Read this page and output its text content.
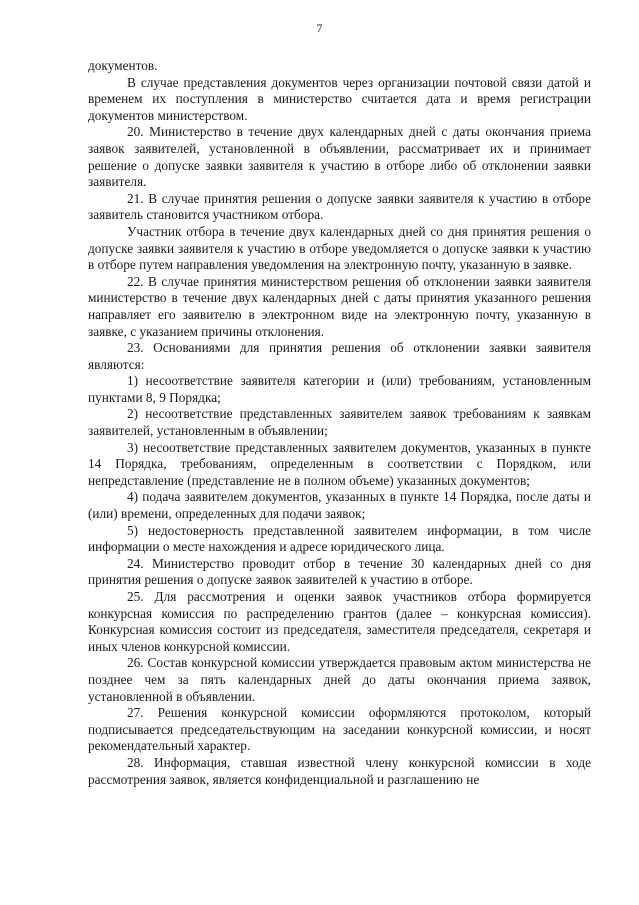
7

документов.

В случае представления документов через организации почтовой связи датой и временем их поступления в министерство считается дата и время регистрации документов министерством.

20. Министерство в течение двух календарных дней с даты окончания приема заявок заявителей, установленной в объявлении, рассматривает их и принимает решение о допуске заявки заявителя к участию в отборе либо об отклонении заявки заявителя.

21. В случае принятия решения о допуске заявки заявителя к участию в отборе заявитель становится участником отбора.

Участник отбора в течение двух календарных дней со дня принятия решения о допуске заявки заявителя к участию в отборе уведомляется о допуске заявки к участию в отборе путем направления уведомления на электронную почту, указанную в заявке.

22. В случае принятия министерством решения об отклонении заявки заявителя министерство в течение двух календарных дней с даты принятия указанного решения направляет его заявителю в электронном виде на электронную почту, указанную в заявке, с указанием причины отклонения.

23. Основаниями для принятия решения об отклонении заявки заявителя являются:

1) несоответствие заявителя категории и (или) требованиям, установленным пунктами 8, 9 Порядка;

2) несоответствие представленных заявителем заявок требованиям к заявкам заявителей, установленным в объявлении;

3) несоответствие представленных заявителем документов, указанных в пункте 14 Порядка, требованиям, определенным в соответствии с Порядком, или непредставление (представление не в полном объеме) указанных документов;

4) подача заявителем документов, указанных в пункте 14 Порядка, после даты и (или) времени, определенных для подачи заявок;

5) недостоверность представленной заявителем информации, в том числе информации о месте нахождения и адресе юридического лица.

24. Министерство проводит отбор в течение 30 календарных дней со дня принятия решения о допуске заявок заявителей к участию в отборе.

25. Для рассмотрения и оценки заявок участников отбора формируется конкурсная комиссия по распределению грантов (далее – конкурсная комиссия). Конкурсная комиссия состоит из председателя, заместителя председателя, секретаря и иных членов конкурсной комиссии.

26. Состав конкурсной комиссии утверждается правовым актом министерства не позднее чем за пять календарных дней до даты окончания приема заявок, установленной в объявлении.

27. Решения конкурсной комиссии оформляются протоколом, который подписывается председательствующим на заседании конкурсной комиссии, и носят рекомендательный характер.

28. Информация, ставшая известной члену конкурсной комиссии в ходе рассмотрения заявок, является конфиденциальной и разглашению не
